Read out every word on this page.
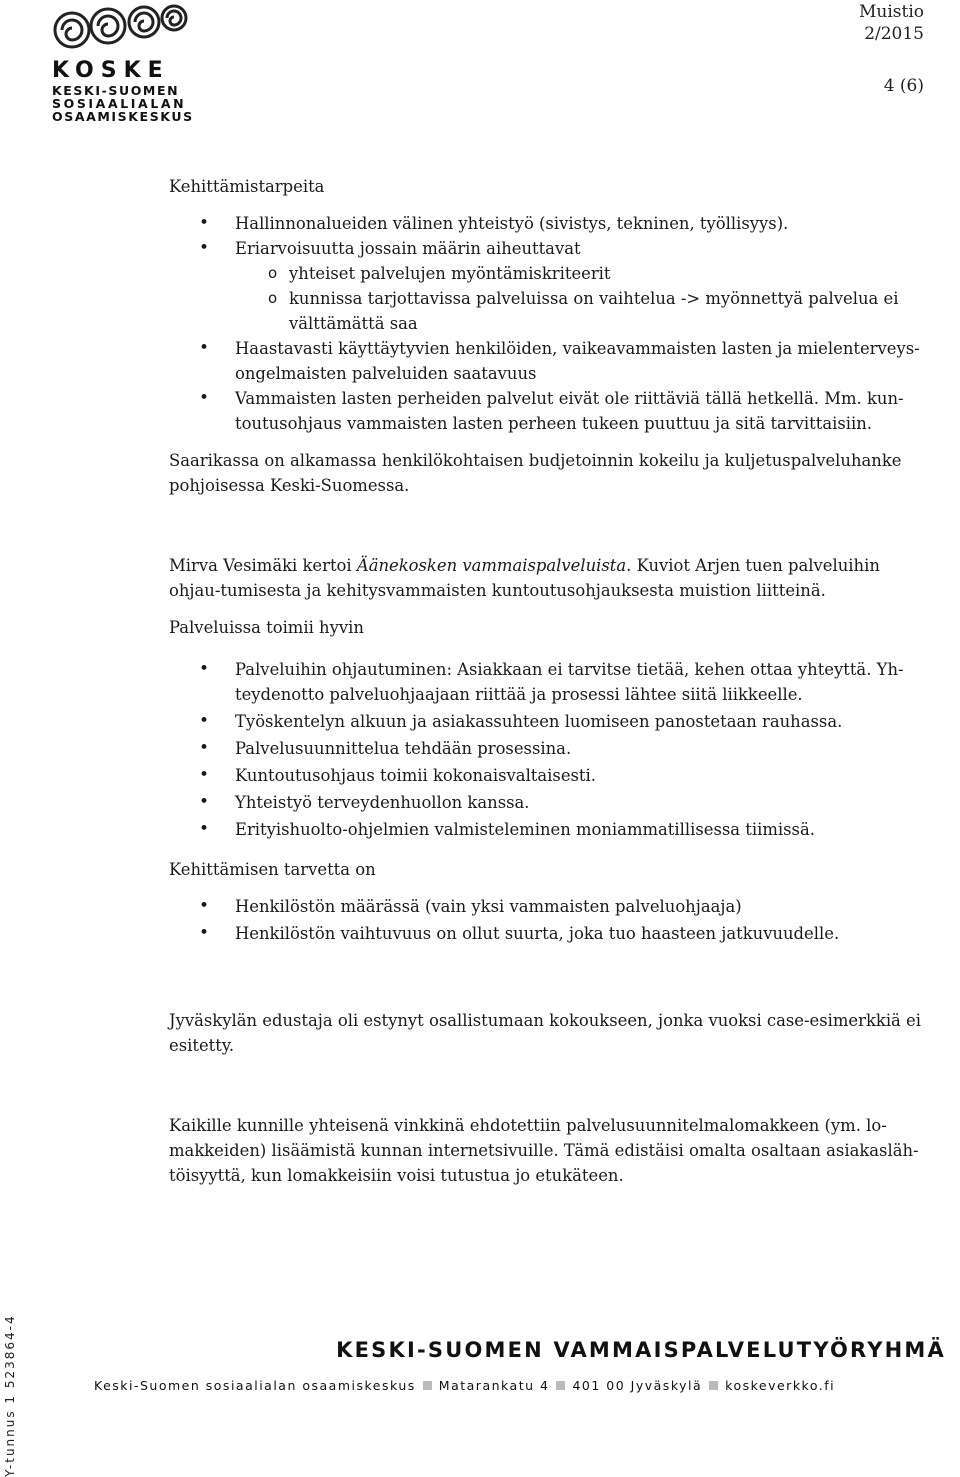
KOSKE
KESKI-SUOMEN
SOSIAALIALAN
OSAAMISKESKUS
Muistio
2/2015
4 (6)

Kehittämistarpeita

• Hallinnonalueiden välinen yhteistyö (sivistys, tekninen, työllisyys).
• Eriarvoisuutta jossain määrin aiheuttavat
o yhteiset palvelujen myöntämiskriteerit
o kunnissa tarjottavissa palveluissa on vaihtelua -> myönnettyä palvelua ei välttämättä saa
• Haastavasti käyttäytyvien henkilöiden, vaikeavammaisten lasten ja mielenterveys-ongelmaisten palveluiden saatavuus
• Vammaisten lasten perheiden palvelut eivät ole riittäviä tällä hetkellä. Mm. kun-toutusohjaus vammaisten lasten perheen tukeen puuttuu ja sitä tarvittaisiin.

Saarikassa on alkamassa henkilökohtaisen budjetoinnin kokeilu ja kuljetuspalveluhanke pohjoisessa Keski-Suomessa.

Mirva Vesimäki kertoi Äänekosken vammaispalveluista. Kuviot Arjen tuen palveluihin ohjau-tumisesta ja kehitysvammaisten kuntoutusohjauksesta muistion liitteinä.

Palveluissa toimii hyvin

• Palveluihin ohjautuminen: Asiakkaan ei tarvitse tietää, kehen ottaa yhteyttä. Yh-teydenotto palveluohjaajaan riittää ja prosessi lähtee siitä liikkeelle.
• Työskentelyn alkuun ja asiakassuhteen luomiseen panostetaan rauhassa.
• Palvelusuunnittelua tehdään prosessina.
• Kuntoutusohjaus toimii kokonaisvaltaisesti.
• Yhteistyö terveydenhuollon kanssa.
• Erityishuolto-ohjelmien valmisteleminen moniammatillisessa tiimissä.

Kehittämisen tarvetta on

• Henkilöstön määrässä (vain yksi vammaisten palveluohjaaja)
• Henkilöstön vaihtuvuus on ollut suurta, joka tuo haasteen jatkuvuudelle.

Jyväskylän edustaja oli estynyt osallistumaan kokoukseen, jonka vuoksi case-esimerkkiä ei esitetty.

Kaikille kunnille yhteisenä vinkkinä ehdotettiin palvelusuunnitelmalomakkeen (ym. lo-makkeiden) lisäämistä kunnan internetsivuille. Tämä edistäisi omalta osaltaan asiakasläh-töisyyttä, kun lomakkeisiin voisi tutustua jo etukäteen.

Y-tunnus 1 523864-4	KESKI-SUOMEN VAMMAISPALVELUTYÖRYHMÄ
Keski-Suomen sosiaalialan osaamiskeskus Matarankatu 4 401 00 Jyväskylä koskeverkko.fi
